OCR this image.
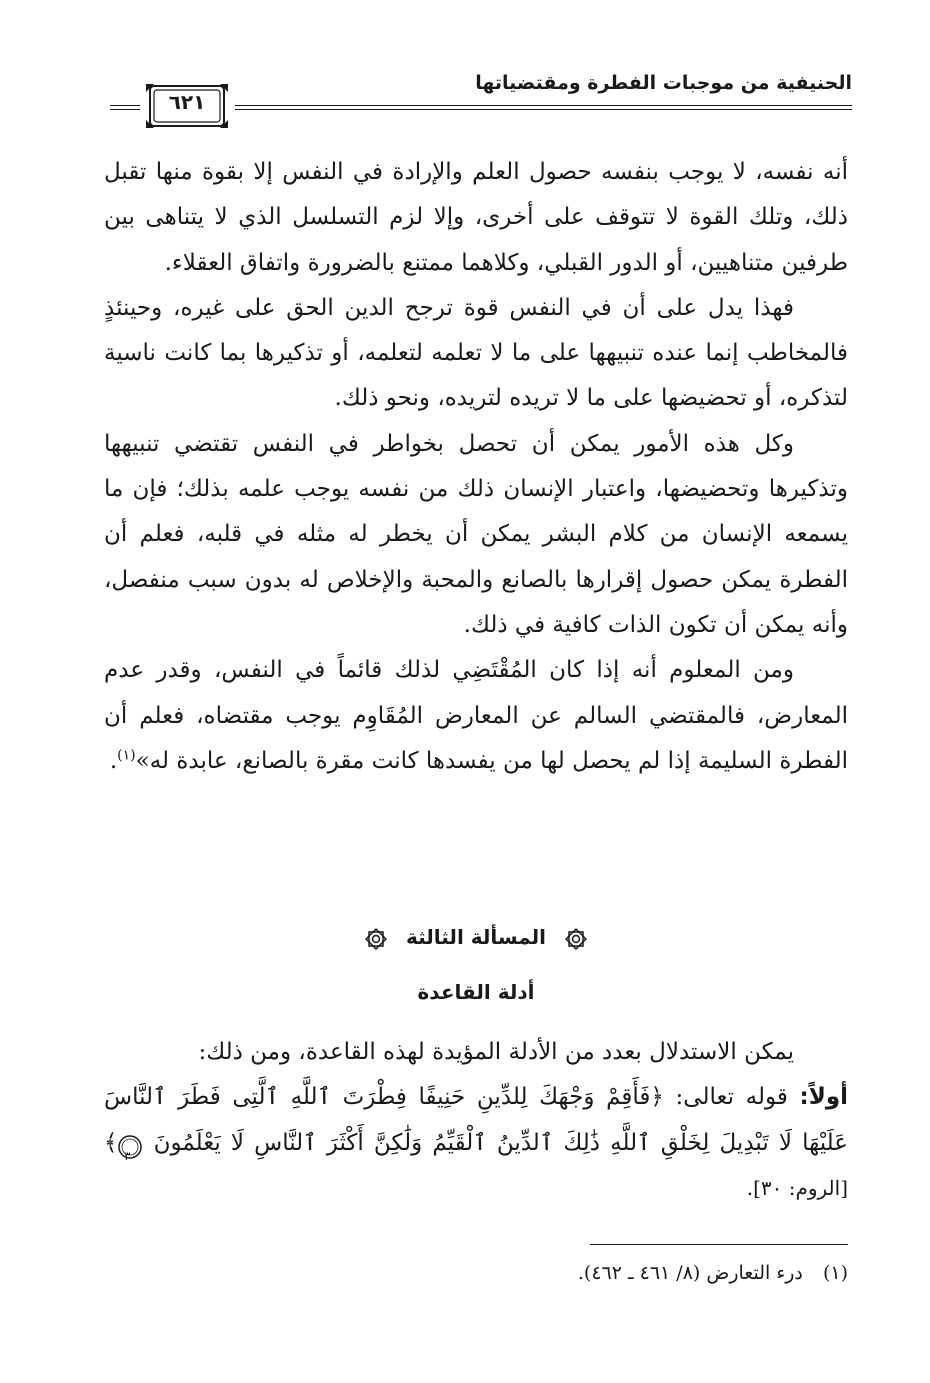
الحنيفية من موجبات الفطرة ومقتضياتها
٦٢١

أنه نفسه، لا يوجب بنفسه حصول العلم والإرادة في النفس إلا بقوة منها تقبل ذلك، وتلك القوة لا تتوقف على أخرى، وإلا لزم التسلسل الذي لا يتناهى بين طرفين متناهيين، أو الدور القبلي، وكلاهما ممتنع بالضرورة واتفاق العقلاء.

فهذا يدل على أن في النفس قوة ترجح الدين الحق على غيره، وحينئذٍ فالمخاطب إنما عنده تنبيهها على ما لا تعلمه لتعلمه، أو تذكيرها بما كانت ناسية لتذكره، أو تحضيضها على ما لا تريده لتريده، ونحو ذلك.

وكل هذه الأمور يمكن أن تحصل بخواطر في النفس تقتضي تنبيهها وتذكيرها وتحضيضها، واعتبار الإنسان ذلك من نفسه يوجب علمه بذلك؛ فإن ما يسمعه الإنسان من كلام البشر يمكن أن يخطر له مثله في قلبه، فعلم أن الفطرة يمكن حصول إقرارها بالصانع والمحبة والإخلاص له بدون سبب منفصل، وأنه يمكن أن تكون الذات كافية في ذلك.

ومن المعلوم أنه إذا كان المُقْتَضِي لذلك قائماً في النفس، وقدر عدم المعارض، فالمقتضي السالم عن المعارض المُقَاوِم يوجب مقتضاه، فعلم أن الفطرة السليمة إذا لم يحصل لها من يفسدها كانت مقرة بالصانع، عابدة له»$^{(١)}$.

المسألة الثالثة
أدلة القاعدة

يمكن الاستدلال بعدد من الأدلة المؤيدة لهذه القاعدة، ومن ذلك:

أولاً: قوله تعالى: ﴿فَأَقِمْ وَجْهَكَ لِلدِّينِ حَنِيفًا فِطْرَتَ ٱللَّهِ ٱلَّتِى فَطَرَ ٱلنَّاسَ عَلَيْهَا لَا تَبْدِيلَ لِخَلْقِ ٱللَّهِ ذَٰلِكَ ٱلدِّينُ ٱلْقَيِّمُ وَلَٰكِنَّ أَكْثَرَ ٱلنَّاسِ لَا يَعْلَمُونَ
٣٠
﴾ [الروم: ٣٠].

(١) درء التعارض (٨/ ٤٦١ ـ ٤٦٢).
